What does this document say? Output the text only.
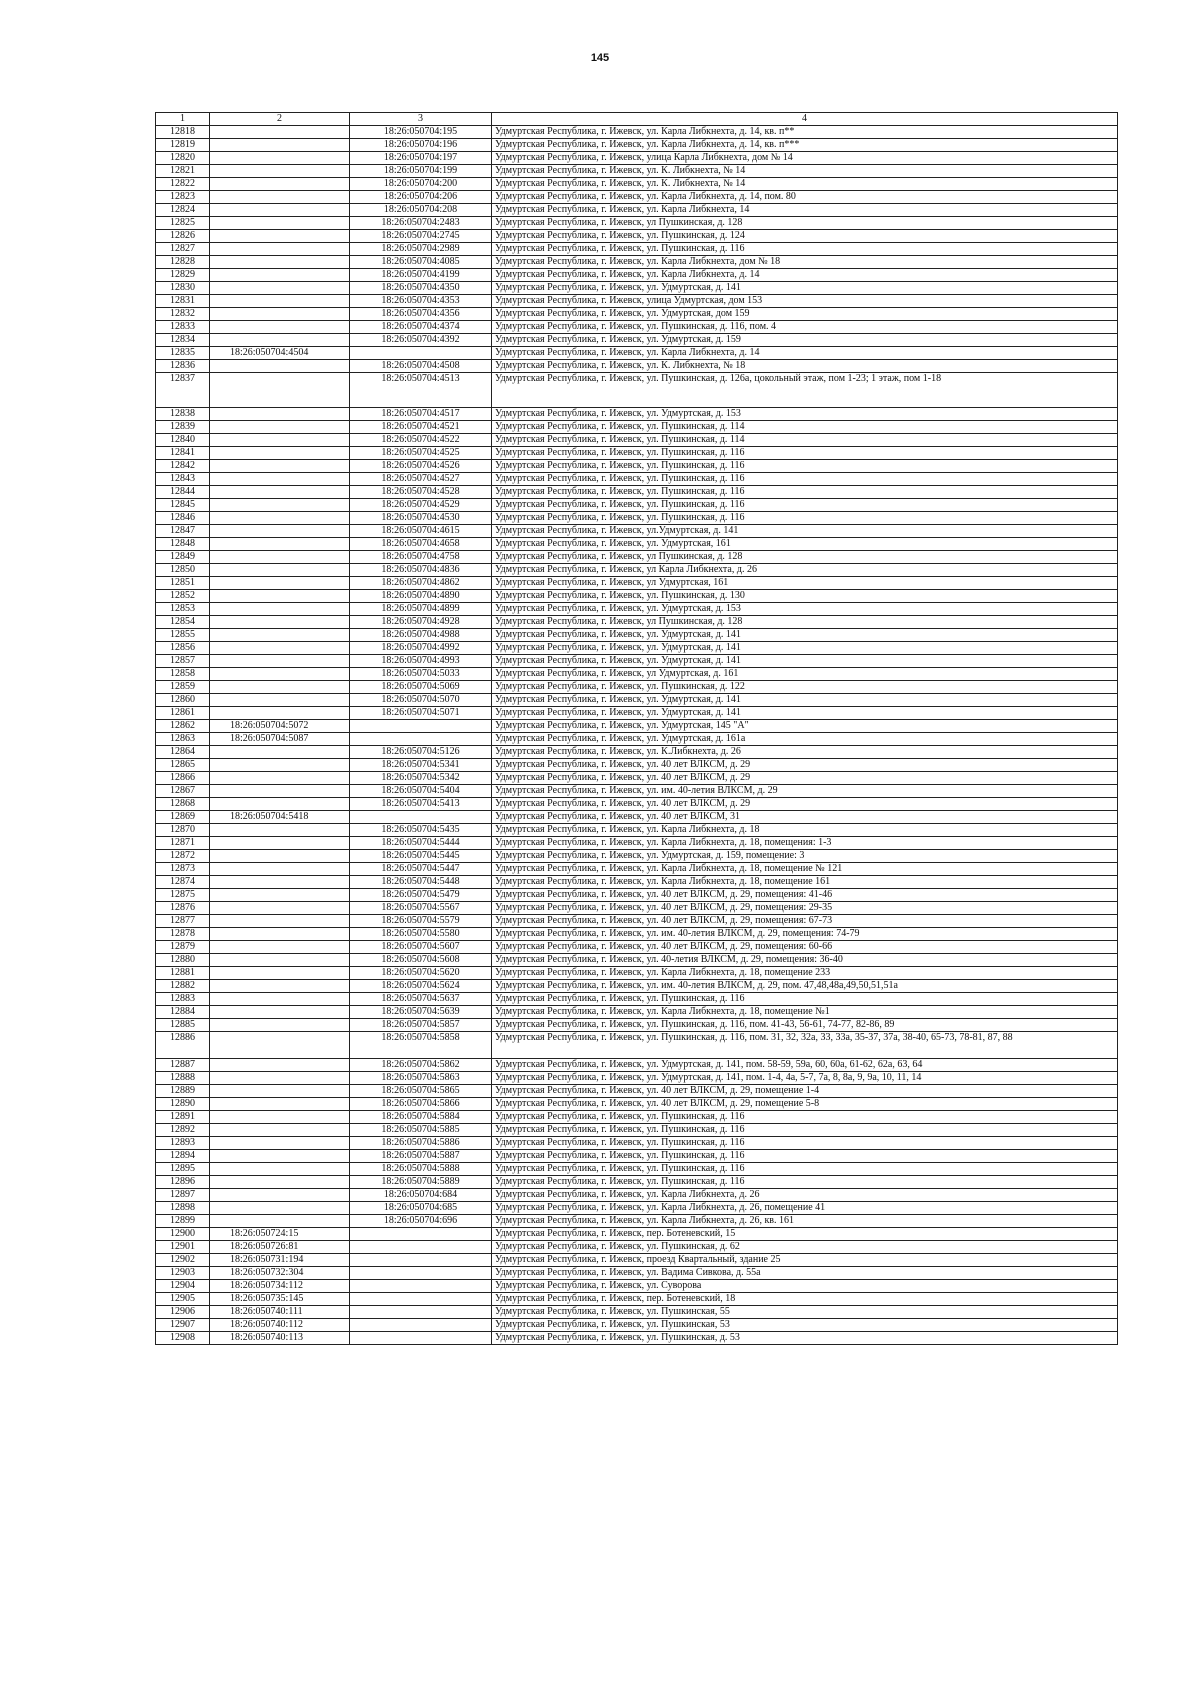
145
1	2	3	4
12818		18:26:050704:195	Удмуртская Республика, г. Ижевск, ул. Карла Либкнехта, д. 14, кв. п**
12819		18:26:050704:196	Удмуртская Республика, г. Ижевск, ул. Карла Либкнехта, д. 14, кв. п***
12820		18:26:050704:197	Удмуртская Республика, г. Ижевск, улица Карла Либкнехта, дом № 14
12821		18:26:050704:199	Удмуртская Республика, г. Ижевск, ул. К. Либкнехта, № 14
12822		18:26:050704:200	Удмуртская Республика, г. Ижевск, ул. К. Либкнехта, № 14
12823		18:26:050704:206	Удмуртская Республика, г. Ижевск, ул. Карла Либкнехта, д. 14, пом. 80
12824		18:26:050704:208	Удмуртская Республика, г. Ижевск, ул. Карла Либкнехта, 14
12825		18:26:050704:2483	Удмуртская Республика, г. Ижевск, ул Пушкинская, д. 128
12826		18:26:050704:2745	Удмуртская Республика, г. Ижевск, ул. Пушкинская, д. 124
12827		18:26:050704:2989	Удмуртская Республика, г. Ижевск, ул. Пушкинская, д. 116
12828		18:26:050704:4085	Удмуртская Республика, г. Ижевск, ул. Карла Либкнехта, дом № 18
12829		18:26:050704:4199	Удмуртская Республика, г. Ижевск, ул. Карла Либкнехта, д. 14
12830		18:26:050704:4350	Удмуртская Республика, г. Ижевск, ул. Удмуртская, д. 141
12831		18:26:050704:4353	Удмуртская Республика, г. Ижевск, улица Удмуртская, дом 153
12832		18:26:050704:4356	Удмуртская Республика, г. Ижевск, ул. Удмуртская, дом 159
12833		18:26:050704:4374	Удмуртская Республика, г. Ижевск, ул. Пушкинская, д. 116, пом. 4
12834		18:26:050704:4392	Удмуртская Республика, г. Ижевск, ул. Удмуртская, д. 159
12835	18:26:050704:4504		Удмуртская Республика, г. Ижевск, ул. Карла Либкнехта, д. 14
12836		18:26:050704:4508	Удмуртская Республика, г. Ижевск, ул. К. Либкнехта, № 18
12837		18:26:050704:4513	Удмуртская Республика, г. Ижевск, ул. Пушкинская, д. 126а, цокольный этаж, пом 1-23; 1 этаж, пом 1-18
12838		18:26:050704:4517	Удмуртская Республика, г. Ижевск, ул. Удмуртская, д. 153
12839		18:26:050704:4521	Удмуртская Республика, г. Ижевск, ул. Пушкинская, д. 114
12840		18:26:050704:4522	Удмуртская Республика, г. Ижевск, ул. Пушкинская, д. 114
12841		18:26:050704:4525	Удмуртская Республика, г. Ижевск, ул. Пушкинская, д. 116
12842		18:26:050704:4526	Удмуртская Республика, г. Ижевск, ул. Пушкинская, д. 116
12843		18:26:050704:4527	Удмуртская Республика, г. Ижевск, ул. Пушкинская, д. 116
12844		18:26:050704:4528	Удмуртская Республика, г. Ижевск, ул. Пушкинская, д. 116
12845		18:26:050704:4529	Удмуртская Республика, г. Ижевск, ул. Пушкинская, д. 116
12846		18:26:050704:4530	Удмуртская Республика, г. Ижевск, ул. Пушкинская, д. 116
12847		18:26:050704:4615	Удмуртская Республика, г. Ижевск, ул.Удмуртская, д. 141
12848		18:26:050704:4658	Удмуртская Республика, г. Ижевск, ул. Удмуртская, 161
12849		18:26:050704:4758	Удмуртская Республика, г. Ижевск, ул Пушкинская, д. 128
12850		18:26:050704:4836	Удмуртская Республика, г. Ижевск, ул Карла Либкнехта, д. 26
12851		18:26:050704:4862	Удмуртская Республика, г. Ижевск, ул Удмуртская, 161
12852		18:26:050704:4890	Удмуртская Республика, г. Ижевск, ул. Пушкинская, д. 130
12853		18:26:050704:4899	Удмуртская Республика, г. Ижевск, ул. Удмуртская, д. 153
12854		18:26:050704:4928	Удмуртская Республика, г. Ижевск, ул Пушкинская, д. 128
12855		18:26:050704:4988	Удмуртская Республика, г. Ижевск, ул. Удмуртская, д. 141
12856		18:26:050704:4992	Удмуртская Республика, г. Ижевск, ул. Удмуртская, д. 141
12857		18:26:050704:4993	Удмуртская Республика, г. Ижевск, ул. Удмуртская, д. 141
12858		18:26:050704:5033	Удмуртская Республика, г. Ижевск, ул Удмуртская, д. 161
12859		18:26:050704:5069	Удмуртская Республика, г. Ижевск, ул. Пушкинская, д. 122
12860		18:26:050704:5070	Удмуртская Республика, г. Ижевск, ул. Удмуртская, д. 141
12861		18:26:050704:5071	Удмуртская Республика, г. Ижевск, ул. Удмуртская, д. 141
12862	18:26:050704:5072		Удмуртская Республика, г. Ижевск, ул. Удмуртская, 145 "А"
12863	18:26:050704:5087		Удмуртская Республика, г. Ижевск, ул. Удмуртская, д. 161а
12864		18:26:050704:5126	Удмуртская Республика, г. Ижевск, ул. К.Либкнехта, д. 26
12865		18:26:050704:5341	Удмуртская Республика, г. Ижевск, ул. 40 лет ВЛКСМ, д. 29
12866		18:26:050704:5342	Удмуртская Республика, г. Ижевск, ул. 40 лет ВЛКСМ, д. 29
12867		18:26:050704:5404	Удмуртская Республика, г. Ижевск, ул. им. 40-летия ВЛКСМ, д. 29
12868		18:26:050704:5413	Удмуртская Республика, г. Ижевск, ул. 40 лет ВЛКСМ, д. 29
12869	18:26:050704:5418		Удмуртская Республика, г. Ижевск, ул. 40 лет ВЛКСМ, 31
12870		18:26:050704:5435	Удмуртская Республика, г. Ижевск, ул. Карла Либкнехта, д. 18
12871		18:26:050704:5444	Удмуртская Республика, г. Ижевск, ул. Карла Либкнехта, д. 18, помещения: 1-3
12872		18:26:050704:5445	Удмуртская Республика, г. Ижевск, ул. Удмуртская, д. 159, помещение: 3
12873		18:26:050704:5447	Удмуртская Республика, г. Ижевск, ул. Карла Либкнехта, д. 18, помещение № 121
12874		18:26:050704:5448	Удмуртская Республика, г. Ижевск, ул. Карла Либкнехта, д. 18, помещение 161
12875		18:26:050704:5479	Удмуртская Республика, г. Ижевск, ул. 40 лет ВЛКСМ, д. 29, помещения: 41-46
12876		18:26:050704:5567	Удмуртская Республика, г. Ижевск, ул. 40 лет ВЛКСМ, д. 29, помещения: 29-35
12877		18:26:050704:5579	Удмуртская Республика, г. Ижевск, ул. 40 лет ВЛКСМ, д. 29, помещения: 67-73
12878		18:26:050704:5580	Удмуртская Республика, г. Ижевск, ул. им. 40-летия ВЛКСМ, д. 29, помещения: 74-79
12879		18:26:050704:5607	Удмуртская Республика, г. Ижевск, ул. 40 лет ВЛКСМ, д. 29, помещения: 60-66
12880		18:26:050704:5608	Удмуртская Республика, г. Ижевск, ул. 40-летия ВЛКСМ, д. 29, помещения: 36-40
12881		18:26:050704:5620	Удмуртская Республика, г. Ижевск, ул. Карла Либкнехта, д. 18, помещение 233
12882		18:26:050704:5624	Удмуртская Республика, г. Ижевск, ул. им. 40-летия ВЛКСМ, д. 29, пом. 47,48,48а,49,50,51,51а
12883		18:26:050704:5637	Удмуртская Республика, г. Ижевск, ул. Пушкинская, д. 116
12884		18:26:050704:5639	Удмуртская Республика, г. Ижевск, ул. Карла Либкнехта, д. 18, помещение №1
12885		18:26:050704:5857	Удмуртская Республика, г. Ижевск, ул. Пушкинская, д. 116, пом. 41-43, 56-61, 74-77, 82-86, 89
12886		18:26:050704:5858	Удмуртская Республика, г. Ижевск, ул. Пушкинская, д. 116, пом. 31, 32, 32а, 33, 33а, 35-37, 37а, 38-40, 65-73, 78-81, 87, 88
12887		18:26:050704:5862	Удмуртская Республика, г. Ижевск, ул. Удмуртская, д. 141, пом. 58-59, 59а, 60, 60а, 61-62, 62а, 63, 64
12888		18:26:050704:5863	Удмуртская Республика, г. Ижевск, ул. Удмуртская, д. 141, пом. 1-4, 4а, 5-7, 7а, 8, 8а, 9, 9а, 10, 11, 14
12889		18:26:050704:5865	Удмуртская Республика, г. Ижевск, ул. 40 лет ВЛКСМ, д. 29, помещение 1-4
12890		18:26:050704:5866	Удмуртская Республика, г. Ижевск, ул. 40 лет ВЛКСМ, д. 29, помещение 5-8
12891		18:26:050704:5884	Удмуртская Республика, г. Ижевск, ул. Пушкинская, д. 116
12892		18:26:050704:5885	Удмуртская Республика, г. Ижевск, ул. Пушкинская, д. 116
12893		18:26:050704:5886	Удмуртская Республика, г. Ижевск, ул. Пушкинская, д. 116
12894		18:26:050704:5887	Удмуртская Республика, г. Ижевск, ул. Пушкинская, д. 116
12895		18:26:050704:5888	Удмуртская Республика, г. Ижевск, ул. Пушкинская, д. 116
12896		18:26:050704:5889	Удмуртская Республика, г. Ижевск, ул. Пушкинская, д. 116
12897		18:26:050704:684	Удмуртская Республика, г. Ижевск, ул. Карла Либкнехта, д. 26
12898		18:26:050704:685	Удмуртская Республика, г. Ижевск, ул. Карла Либкнехта, д. 26, помещение 41
12899		18:26:050704:696	Удмуртская Республика, г. Ижевск, ул. Карла Либкнехта, д. 26, кв. 161
12900	18:26:050724:15		Удмуртская Республика, г. Ижевск, пер. Ботеневский, 15
12901	18:26:050726:81		Удмуртская Республика, г. Ижевск, ул. Пушкинская, д. 62
12902	18:26:050731:194		Удмуртская Республика, г. Ижевск, проезд Квартальный, здание 25
12903	18:26:050732:304		Удмуртская Республика, г. Ижевск, ул. Вадима Сивкова, д. 55а
12904	18:26:050734:112		Удмуртская Республика, г. Ижевск, ул. Суворова
12905	18:26:050735:145		Удмуртская Республика, г. Ижевск, пер. Ботеневский, 18
12906	18:26:050740:111		Удмуртская Республика, г. Ижевск, ул. Пушкинская, 55
12907	18:26:050740:112		Удмуртская Республика, г. Ижевск, ул. Пушкинская, 53
12908	18:26:050740:113		Удмуртская Республика, г. Ижевск, ул. Пушкинская, д. 53
